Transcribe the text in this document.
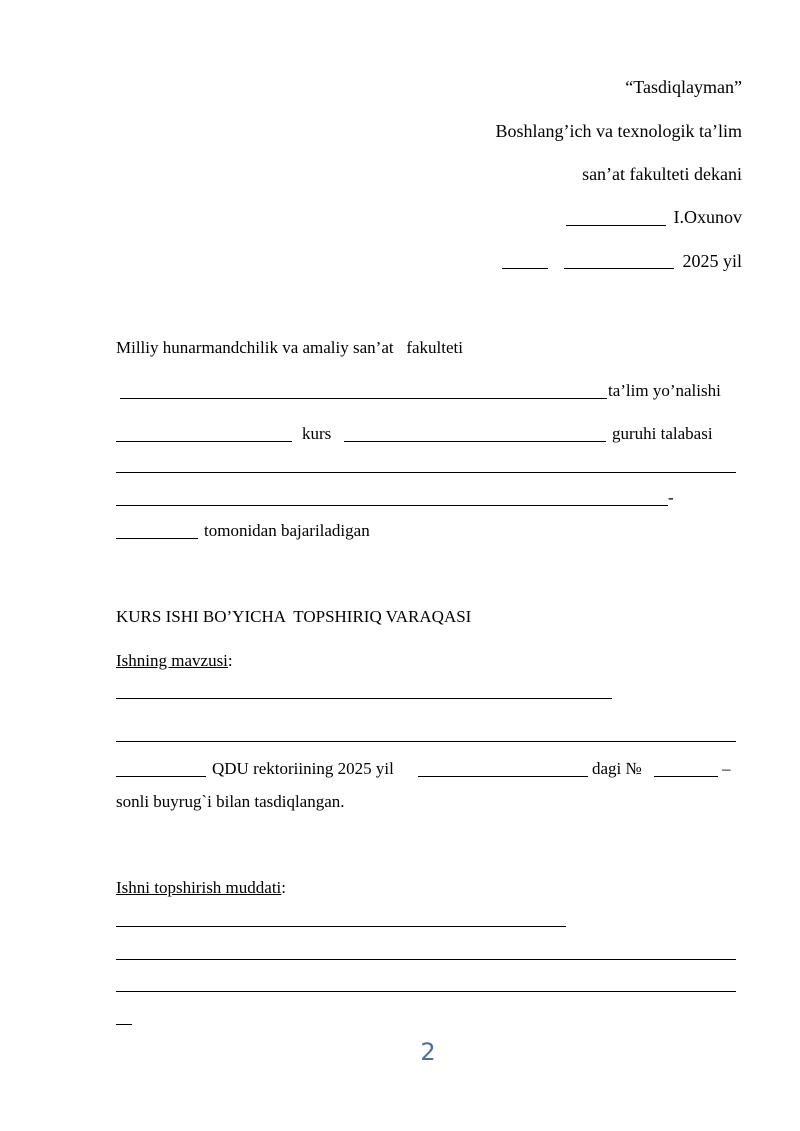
“Tasdiqlayman”

Boshlang’ich va texnologik ta’lim

san’at fakulteti dekani

I.Oxunov

2025 yil

Milliy hunarmandchilik va amaliy san’at   fakulteti

ta’lim yo’nalishi

kurs	guruhi talabasi

-

tomonidan bajariladigan

KURS ISHI BO’YICHA  TOPSHIRIQ VARAQASI

Ishning mavzusi:

QDU rektoriining 2025 yil	dagi №	–

sonli buyrug`i bilan tasdiqlangan.

Ishni topshirish muddati:

2
